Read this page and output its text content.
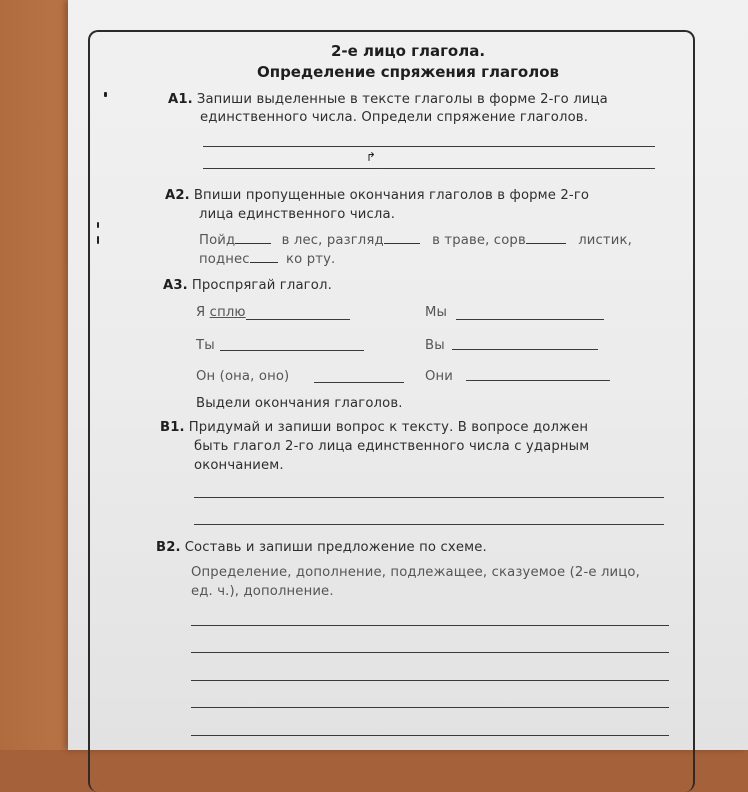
2-е лицо глагола.
Определение спряжения глаголов
А1. Запиши выделенные в тексте глаголы в форме 2-го лица
единственного числа. Определи спряжение глаголов.
↱
А2. Впиши пропущенные окончания глаголов в форме 2-го
лица единственного числа.
Пойд	в лес, разгляд	в траве, сорв	листик,
поднес	ко рту.
А3. Проспрягай глагол.
Я сплю	Мы
Ты	Вы
Он (она, оно)	Они
Выдели окончания глаголов.
В1. Придумай и запиши вопрос к тексту. В вопросе должен
быть глагол 2-го лица единственного числа с ударным
окончанием.
В2. Составь и запиши предложение по схеме.
Определение, дополнение, подлежащее, сказуемое (2-е лицо,
ед. ч.), дополнение.
